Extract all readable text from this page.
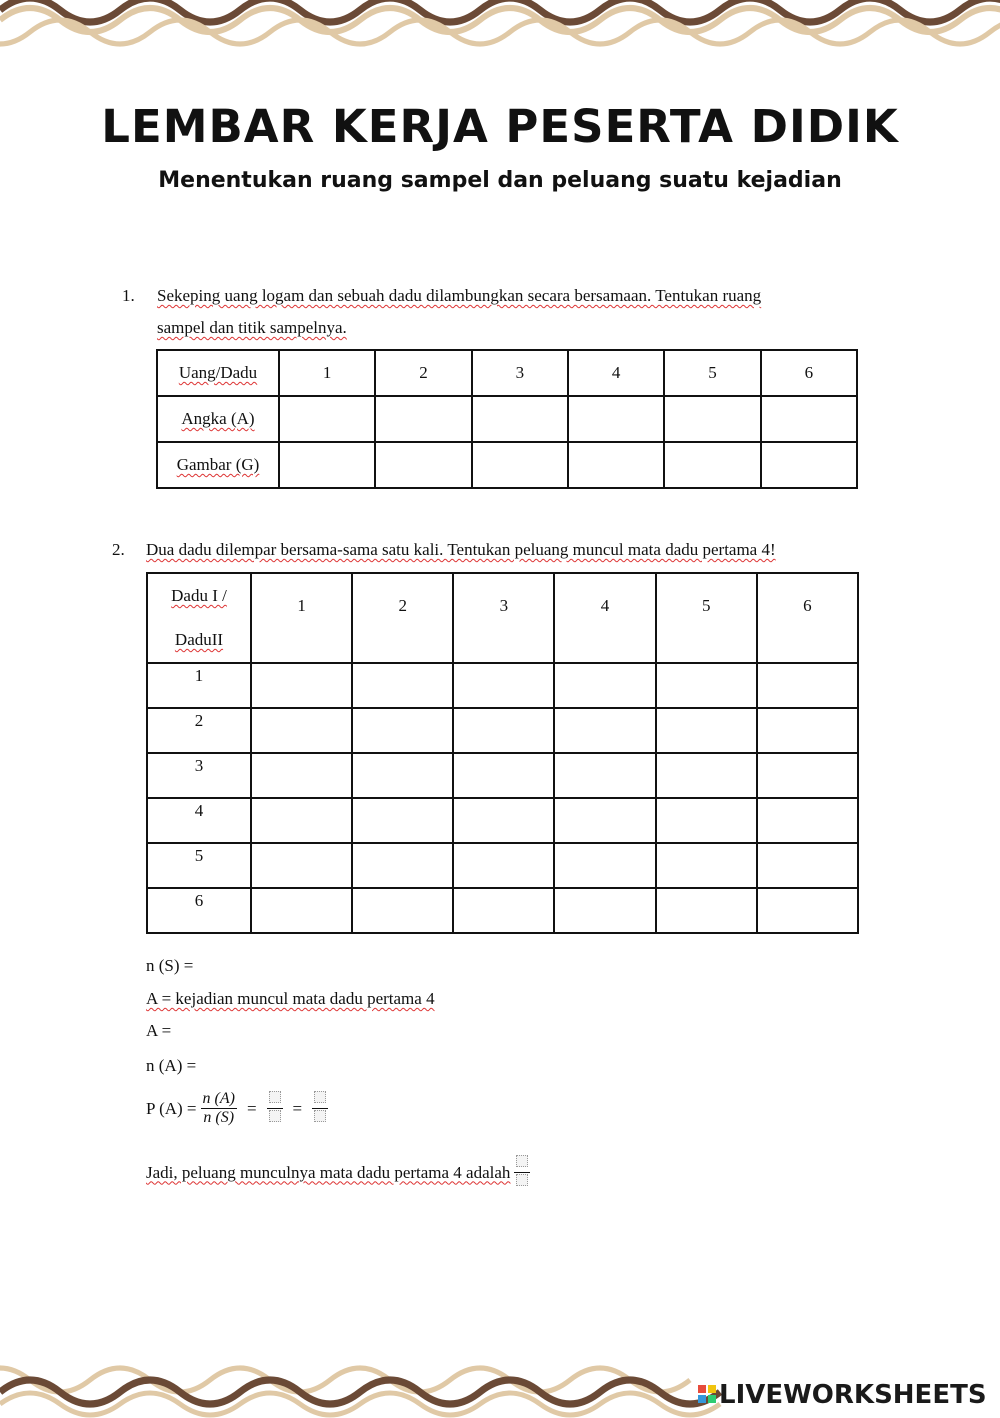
LEMBAR KERJA PESERTA DIDIK
Menentukan ruang sampel dan peluang suatu kejadian
1. Sekeping uang logam dan sebuah dadu dilambungkan secara bersamaan. Tentukan ruang
sampel dan titik sampelnya.
Uang/Dadu	1	2	3	4	5	6
Angka (A)						
Gambar (G)						
2. Dua dadu dilempar bersama-sama satu kali. Tentukan peluang muncul mata dadu pertama 4!
Dadu I /
DaduII	1	2	3	4	5	6
1						
2						
3						
4						
5						
6						
n (S) =
A = kejadian muncul mata dadu pertama 4
A =
n (A) =
P $(A) = \frac{n (A)}{n (S)}$ = =
Jadi, peluang munculnya mata dadu pertama 4 adalah
LIVEWORKSHEETS
